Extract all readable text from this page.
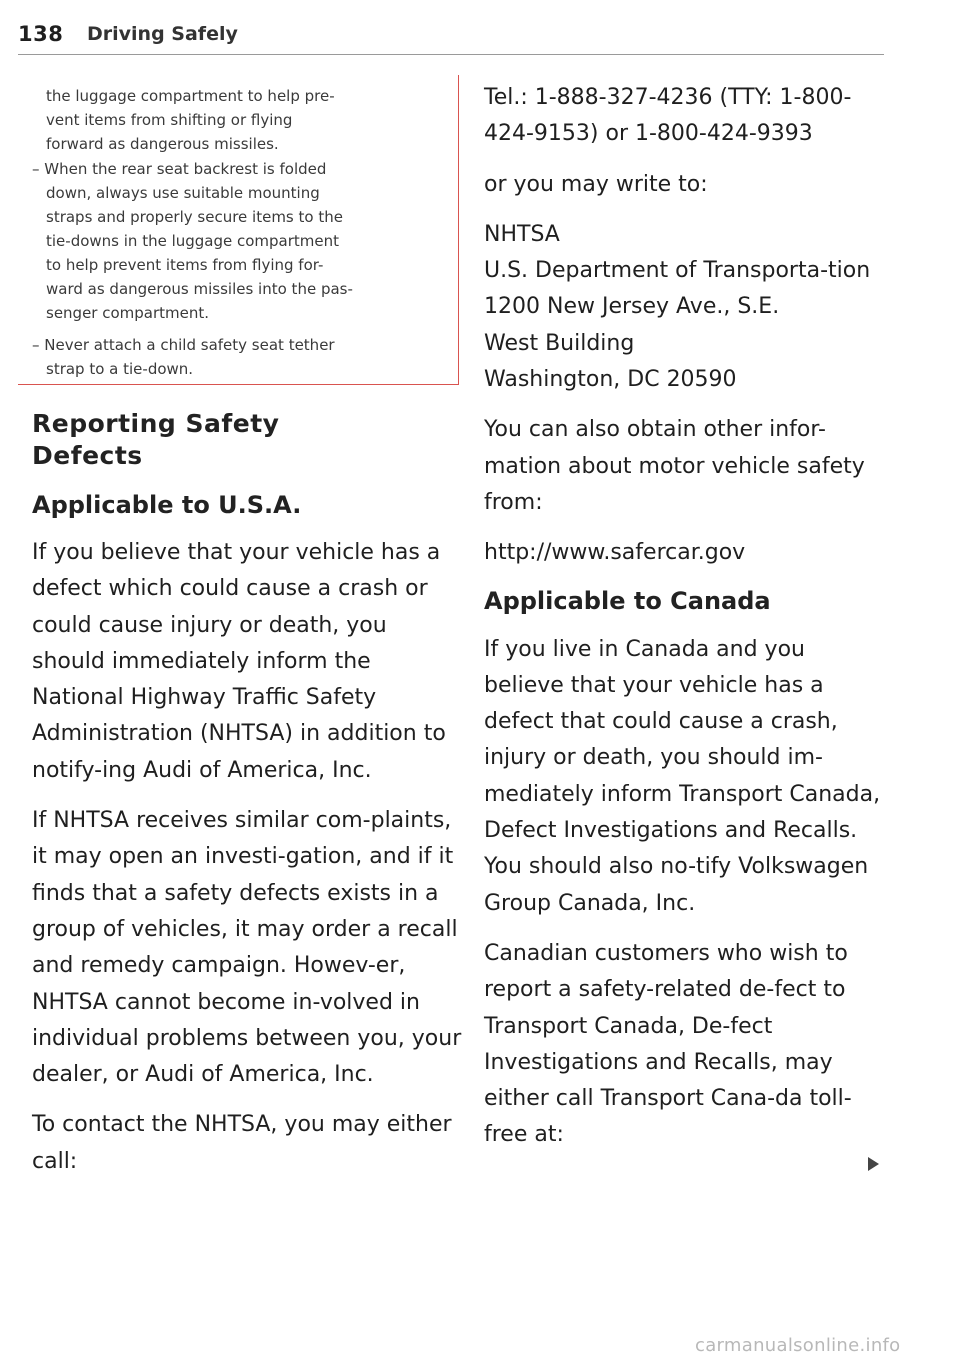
138 Driving Safely

the luggage compartment to help pre-

vent items from shifting or flying

forward as dangerous missiles.

– When the rear seat backrest is folded

down, always use suitable mounting

straps and properly secure items to the

tie-downs in the luggage compartment

to help prevent items from flying for-

ward as dangerous missiles into the pas-

senger compartment.

– Never attach a child safety seat tether

strap to a tie-down.

Reporting Safety
Defects
Applicable to U.S.A.

If you believe that your vehicle has a defect which could cause a crash or could cause injury or death, you should immediately inform the National Highway Traffic Safety Administration (NHTSA) in addition to notify-ing Audi of America, Inc.

If NHTSA receives similar com-plaints, it may open an investi-gation, and if it finds that a safety defects exists in a group of vehicles, it may order a recall and remedy campaign. Howev-er, NHTSA cannot become in-volved in individual problems between you, your dealer, or Audi of America, Inc.

To contact the NHTSA, you may either call:

Tel.: 1-888-327-4236 (TTY: 1-800-424-9153) or 1-800-424-9393

or you may write to:

NHTSA
U.S. Department of Transporta-tion
1200 New Jersey Ave., S.E.
West Building
Washington, DC 20590

You can also obtain other infor-mation about motor vehicle safety from:

http://www.safercar.gov

Applicable to Canada

If you live in Canada and you believe that your vehicle has a defect that could cause a crash, injury or death, you should im-mediately inform Transport Canada, Defect Investigations and Recalls. You should also no-tify Volkswagen Group Canada, Inc.

Canadian customers who wish to report a safety-related de-fect to Transport Canada, De-fect Investigations and Recalls, may either call Transport Cana-da toll-free at:

carmanualsonline.info
